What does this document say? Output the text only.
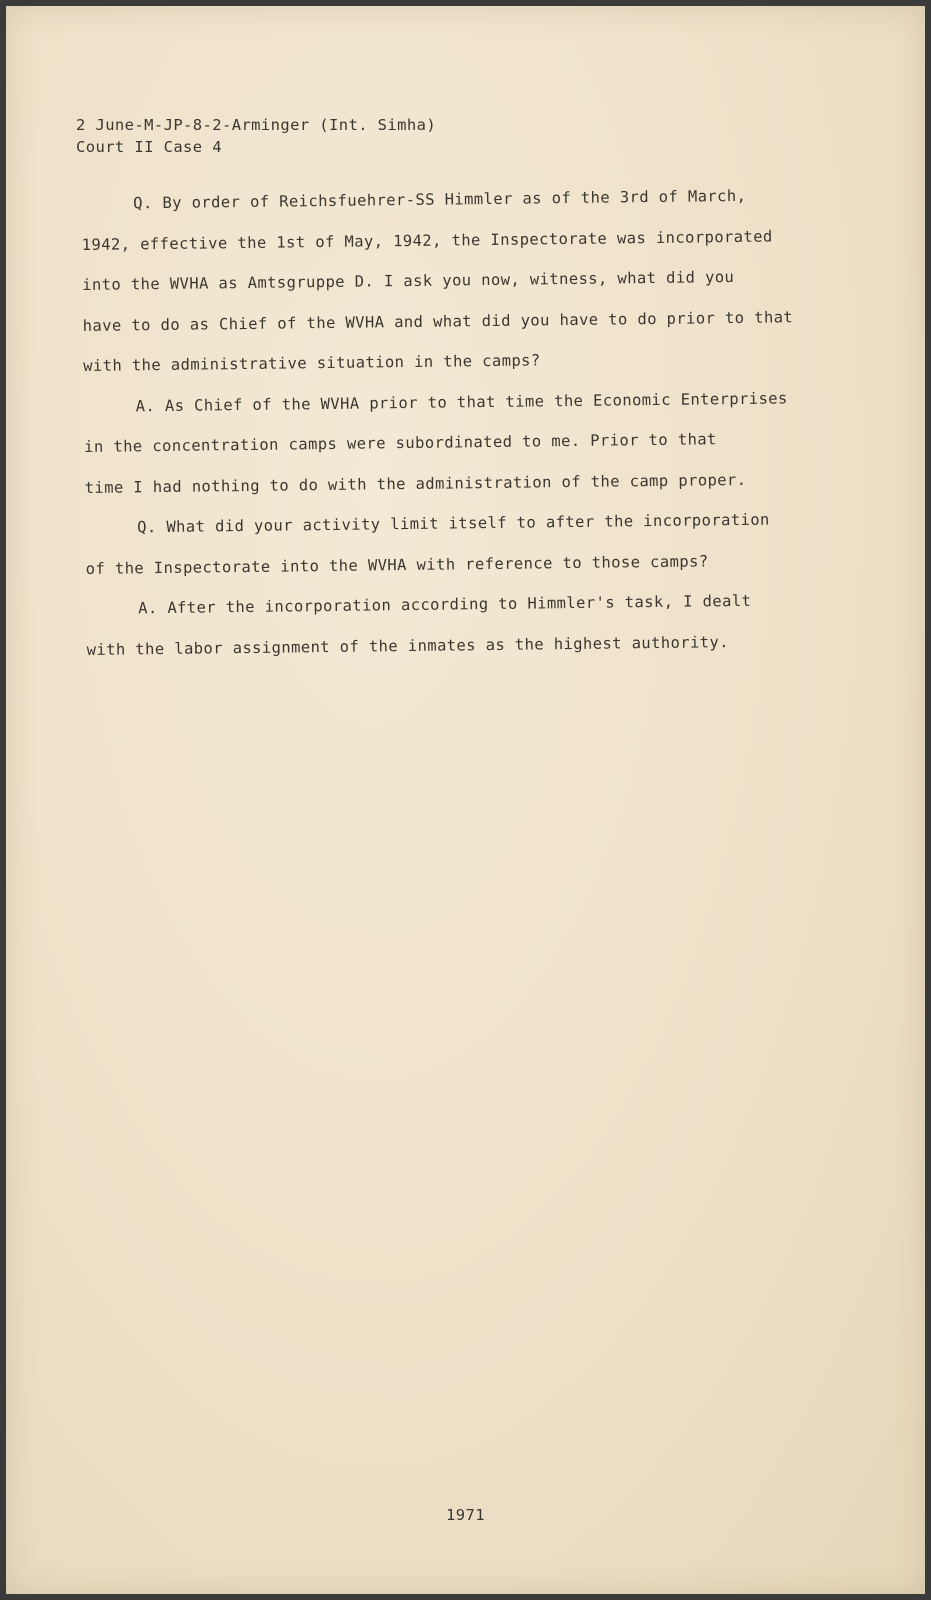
2 June-M-JP-8-2-Arminger (Int. Simha)
Court II Case 4
Q. By order of Reichsfuehrer-SS Himmler as of the 3rd of March,
1942, effective the 1st of May, 1942, the Inspectorate was incorporated
into the WVHA as Amtsgruppe D. I ask you now, witness, what did you
have to do as Chief of the WVHA and what did you have to do prior to that
with the administrative situation in the camps?
A. As Chief of the WVHA prior to that time the Economic Enterprises
in the concentration camps were subordinated to me. Prior to that
time I had nothing to do with the administration of the camp proper.
Q. What did your activity limit itself to after the incorporation
of the Inspectorate into the WVHA with reference to those camps?
A. After the incorporation according to Himmler's task, I dealt
with the labor assignment of the inmates as the highest authority.
1971
